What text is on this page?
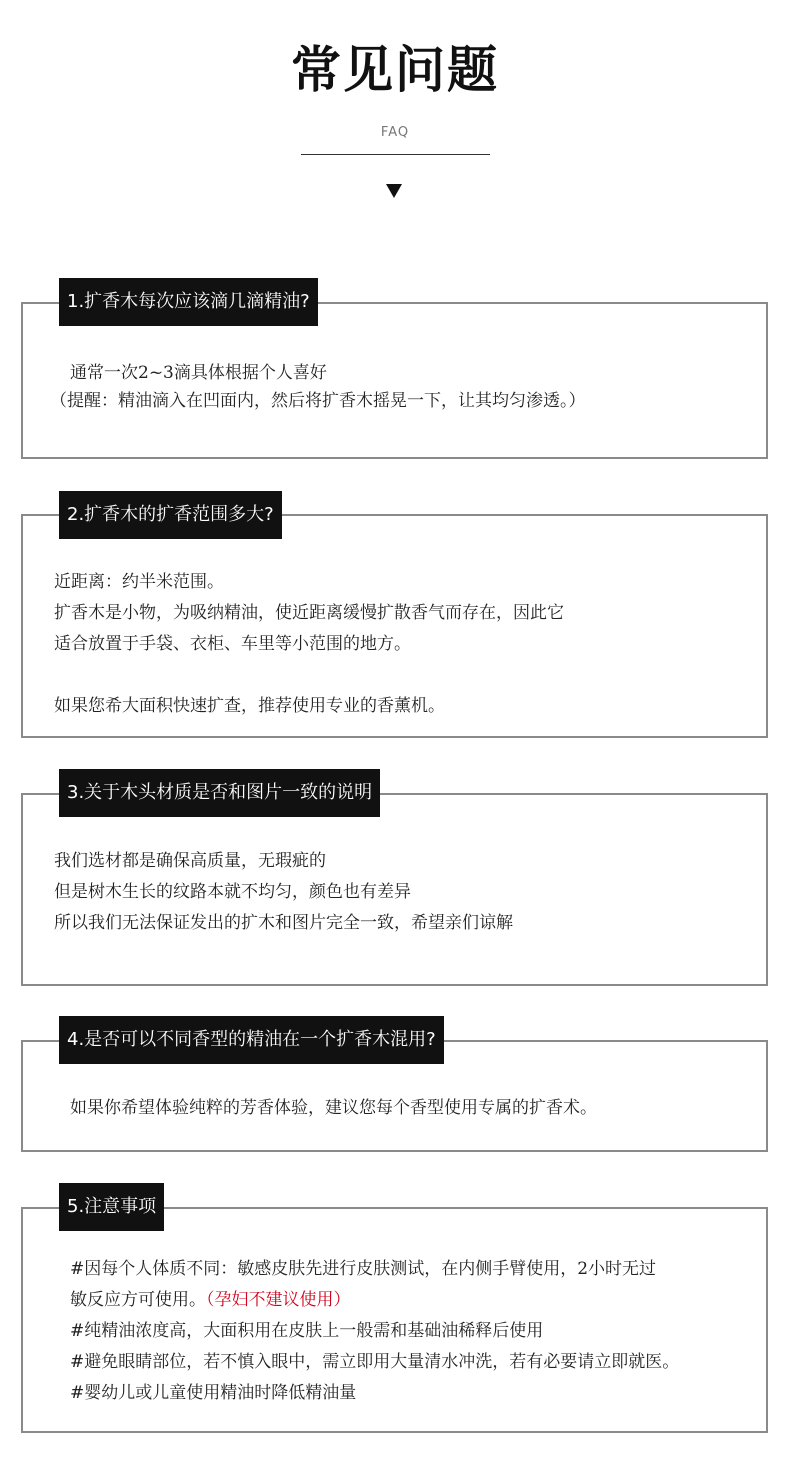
常见问题
FAQ
1.扩香木每次应该滴几滴精油?
通常一次2~3滴具体根据个人喜好
（提醒：精油滴入在凹面内，然后将扩香木摇晃一下，让其均匀渗透。）
2.扩香木的扩香范围多大?
近距离：约半米范围。
扩香木是小物，为吸纳精油，使近距离缓慢扩散香气而存在，因此它
适合放置于手袋、衣柜、车里等小范围的地方。
如果您希大面积快速扩查，推荐使用专业的香薰机。
3.关于木头材质是否和图片一致的说明
我们选材都是确保高质量，无瑕疵的
但是树木生长的纹路本就不均匀，颜色也有差异
所以我们无法保证发出的扩木和图片完全一致，希望亲们谅解
4.是否可以不同香型的精油在一个扩香木混用?
如果你希望体验纯粹的芳香体验，建议您每个香型使用专属的扩香术。
5.注意事项
#因每个人体质不同：敏感皮肤先进行皮肤测试，在内侧手臂使用，2小时无过
敏反应方可使用。（孕妇不建议使用）
#纯精油浓度高，大面积用在皮肤上一般需和基础油稀释后使用
#避免眼睛部位，若不慎入眼中，需立即用大量清水冲洗，若有必要请立即就医。
#婴幼儿或儿童使用精油时降低精油量
